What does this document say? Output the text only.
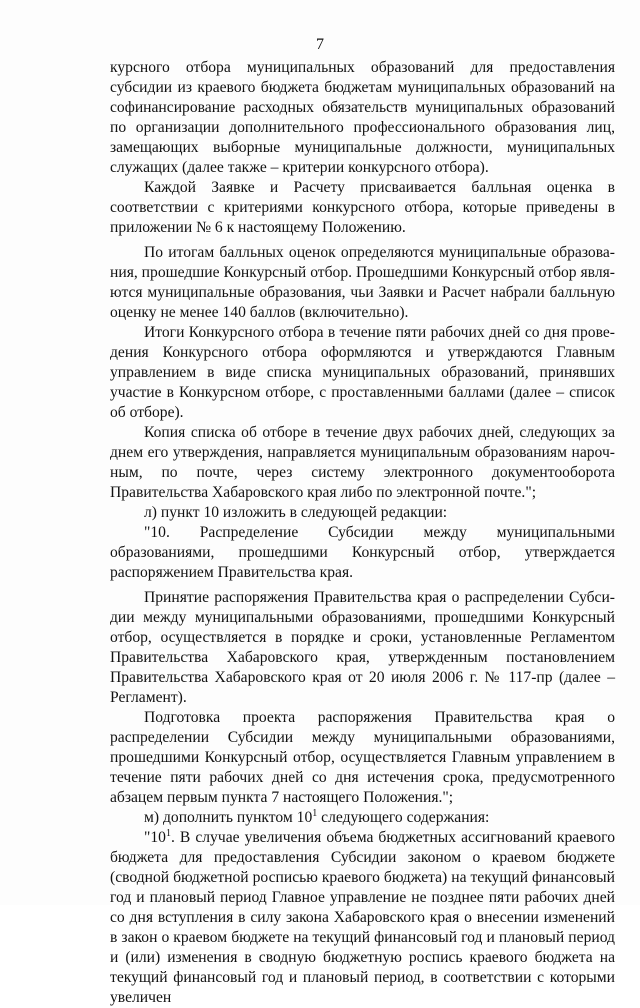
7

курсного отбора муниципальных образований для предоставления субсидии из краевого бюджета бюджетам муниципальных образований на софинансирование расходных обязательств муниципальных образований по организации дополнительного профессионального образования лиц, замещающих выборные муниципальные должности, муниципальных служащих (далее также – критерии конкурсного отбора).

Каждой Заявке и Расчету присваивается балльная оценка в соответствии с критериями конкурсного отбора, которые приведены в приложении № 6 к настоящему Положению.

По итогам балльных оценок определяются муниципальные образования, прошедшие Конкурсный отбор. Прошедшими Конкурсный отбор являются муниципальные образования, чьи Заявки и Расчет набрали балльную оценку не менее 140 баллов (включительно).

Итоги Конкурсного отбора в течение пяти рабочих дней со дня проведения Конкурсного отбора оформляются и утверждаются Главным управлением в виде списка муниципальных образований, принявших участие в Конкурсном отборе, с проставленными баллами (далее – список об отборе).

Копия списка об отборе в течение двух рабочих дней, следующих за днем его утверждения, направляется муниципальным образованиям нарочным, по почте, через систему электронного документооборота Правительства Хабаровского края либо по электронной почте.";

л) пункт 10 изложить в следующей редакции:

"10. Распределение Субсидии между муниципальными образованиями, прошедшими Конкурсный отбор, утверждается распоряжением Правительства края.

Принятие распоряжения Правительства края о распределении Субсидии между муниципальными образованиями, прошедшими Конкурсный отбор, осуществляется в порядке и сроки, установленные Регламентом Правительства Хабаровского края, утвержденным постановлением Правительства Хабаровского края от 20 июля 2006 г. № 117-пр (далее – Регламент).

Подготовка проекта распоряжения Правительства края о распределении Субсидии между муниципальными образованиями, прошедшими Конкурсный отбор, осуществляется Главным управлением в течение пяти рабочих дней со дня истечения срока, предусмотренного абзацем первым пункта 7 настоящего Положения.";

м) дополнить пунктом $10^1$ следующего содержания:

"$10^1$. В случае увеличения объема бюджетных ассигнований краевого бюджета для предоставления Субсидии законом о краевом бюджете (сводной бюджетной росписью краевого бюджета) на текущий финансовый год и плановый период Главное управление не позднее пяти рабочих дней со дня вступления в силу закона Хабаровского края о внесении изменений в закон о краевом бюджете на текущий финансовый год и плановый период и (или) изменения в сводную бюджетную роспись краевого бюджета на текущий финансовый год и плановый период, в соответствии с которыми увеличен
